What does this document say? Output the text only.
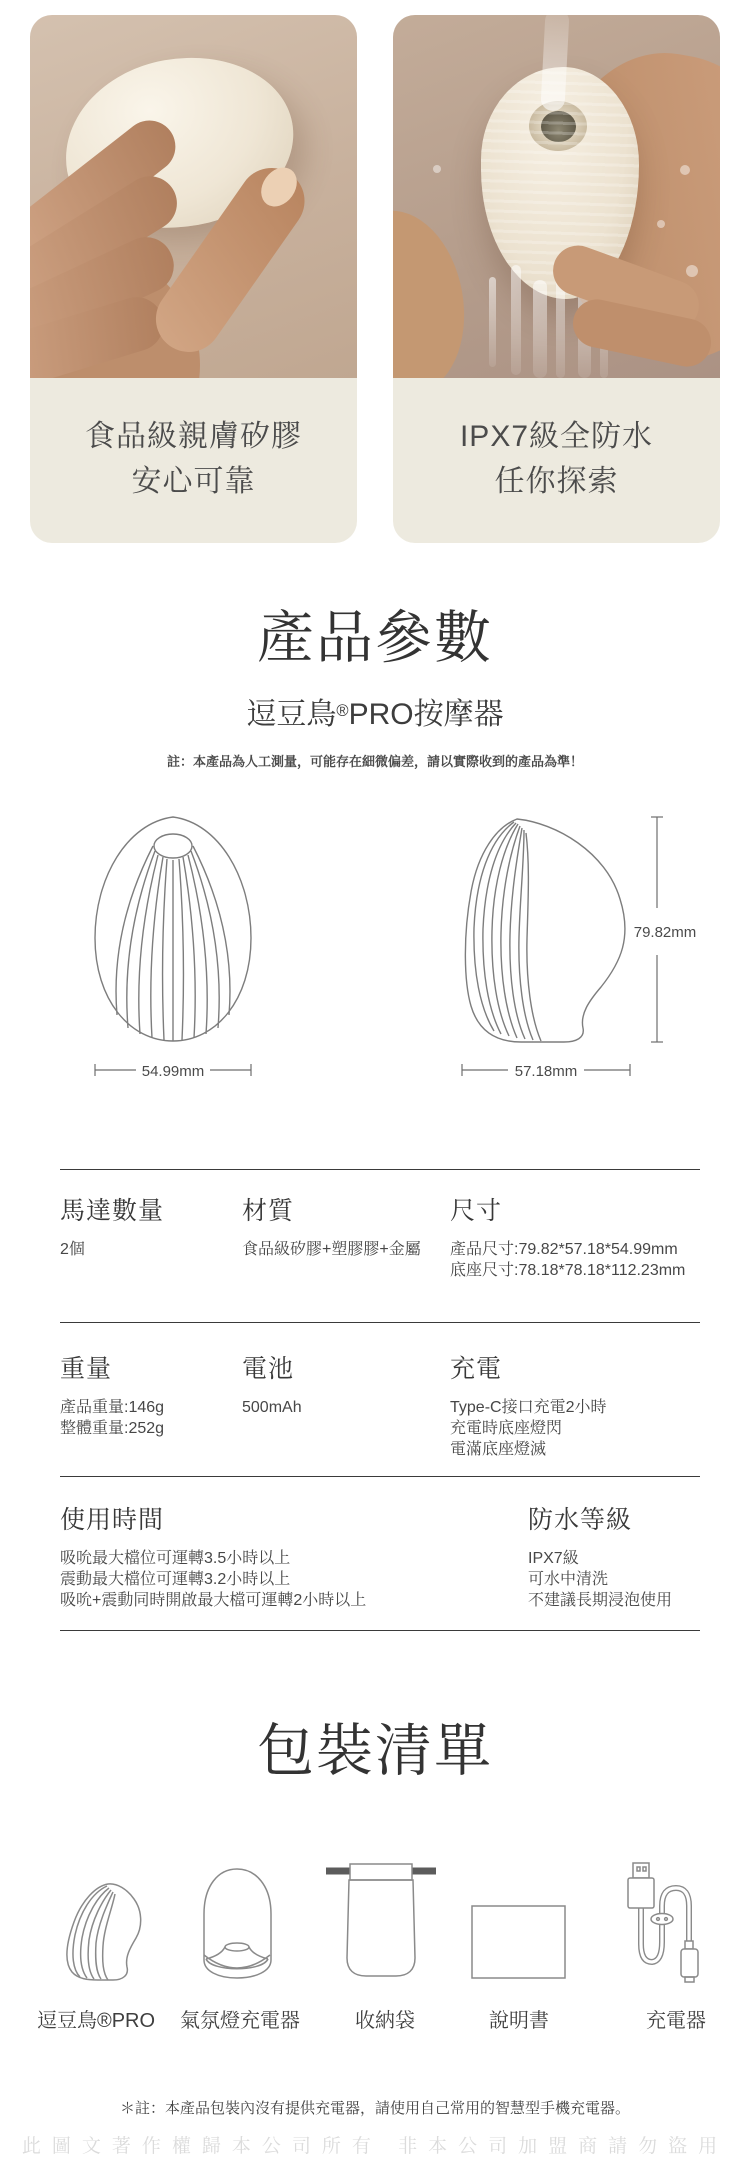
食品級親膚矽膠
安心可靠
IPX7級全防水
任你探索
產品參數
逗豆鳥®PRO按摩器
註：本產品為人工測量，可能存在細微偏差，請以實際收到的產品為準！
54.99mm	57.18mm
79.82mm
馬達數量
2個
材質
食品級矽膠+塑膠膠+金屬
尺寸
產品尺寸:79.82*57.18*54.99mm
底座尺寸:78.18*78.18*112.23mm
重量
產品重量:146g
整體重量:252g
電池
500mAh
充電
Type-C接口充電2小時
充電時底座燈閃
電滿底座燈滅
使用時間
吸吮最大檔位可運轉3.5小時以上
震動最大檔位可運轉3.2小時以上
吸吮+震動同時開啟最大檔可運轉2小時以上
防水等級
IPX7級
可水中清洗
不建議長期浸泡使用
包裝清單
逗豆鳥®PRO 氣氛燈充電器	收納袋	說明書	充電器
＊註：本產品包裝內沒有提供充電器，請使用自己常用的智慧型手機充電器。
此圖文著作權歸本公司所有 非本公司加盟商請勿盜用
